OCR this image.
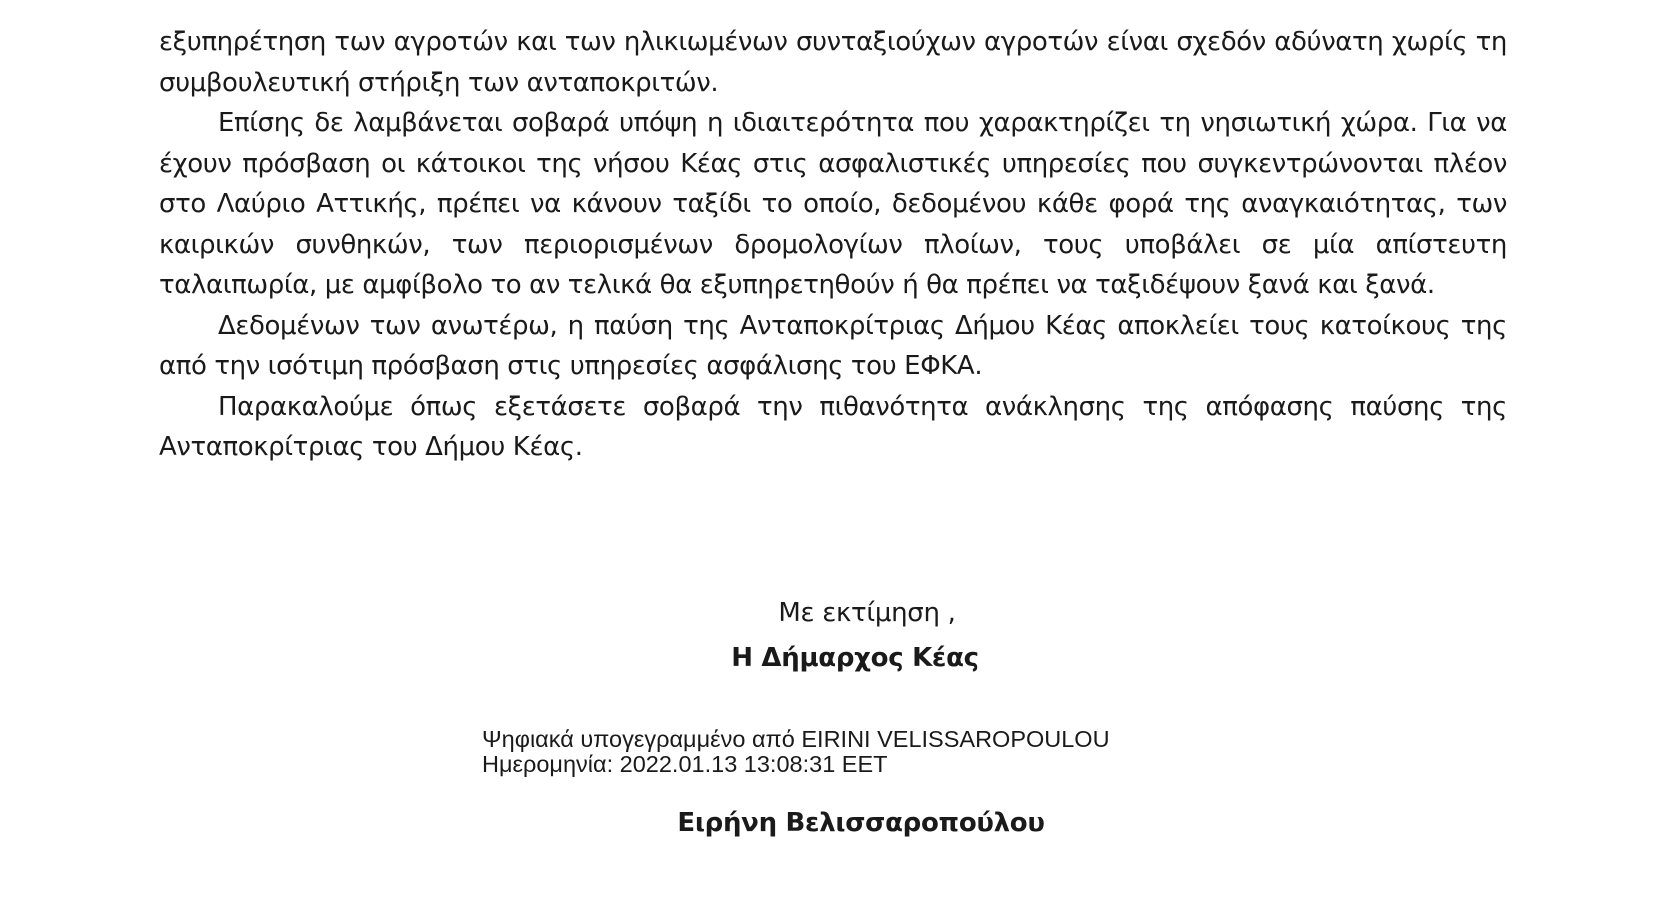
εξυπηρέτηση των αγροτών και των ηλικιωμένων συνταξιούχων αγροτών είναι σχεδόν αδύνατη χωρίς τη συμβουλευτική στήριξη των ανταποκριτών.

Επίσης δε λαμβάνεται σοβαρά υπόψη η ιδιαιτερότητα που χαρακτηρίζει τη νησιωτική χώρα. Για να έχουν πρόσβαση οι κάτοικοι της νήσου Κέας στις ασφαλιστικές υπηρεσίες που συγκεντρώνονται πλέον στο Λαύριο Αττικής, πρέπει να κάνουν ταξίδι το οποίο, δεδομένου κάθε φορά της αναγκαιότητας, των καιρικών συνθηκών, των περιορισμένων δρομολογίων πλοίων, τους υποβάλει σε μία απίστευτη ταλαιπωρία, με αμφίβολο το αν τελικά θα εξυπηρετηθούν ή θα πρέπει να ταξιδέψουν ξανά και ξανά.

Δεδομένων των ανωτέρω, η παύση της Ανταποκρίτριας Δήμου Κέας αποκλείει τους κατοίκους της από την ισότιμη πρόσβαση στις υπηρεσίες ασφάλισης του ΕΦΚΑ.

Παρακαλούμε όπως εξετάσετε σοβαρά την πιθανότητα ανάκλησης της απόφασης παύσης της Ανταποκρίτριας του Δήμου Κέας.

Με εκτίμηση ,
Η Δήμαρχος Κέας
Ψηφιακά υπογεγραμμένο από EIRINI VELISSAROPOULOU
Ημερομηνία: 2022.01.13 13:08:31 EET
Ειρήνη Βελισσαροπούλου
